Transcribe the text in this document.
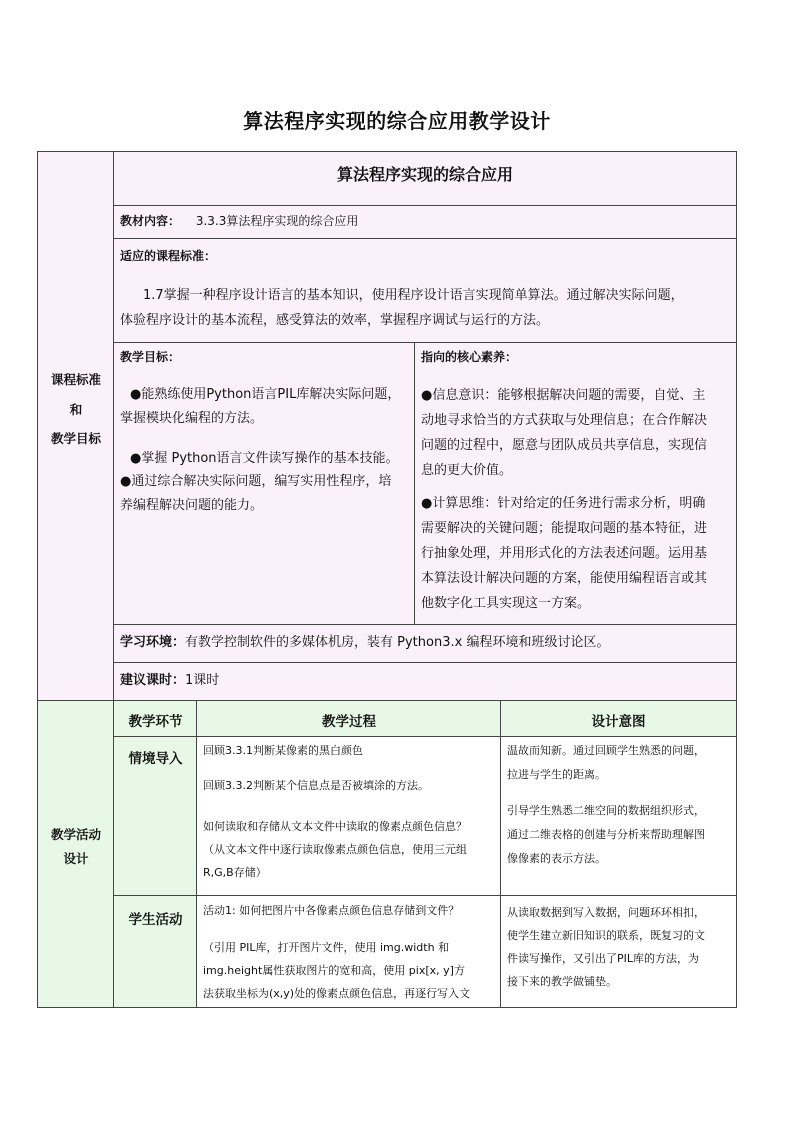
算法程序实现的综合应用教学设计
课程标准
和
教学目标
算法程序实现的综合应用
教材内容： 3.3.3算法程序实现的综合应用
适应的课程标准：
1.7掌握一种程序设计语言的基本知识，使用程序设计语言实现简单算法。通过解决实际问题，
体验程序设计的基本流程，感受算法的效率，掌握程序调试与运行的方法。
教学目标：
●能熟练使用Python语言PIL库解决实际问题，
掌握模块化编程的方法。
●掌握 Python语言文件读写操作的基本技能。
●通过综合解决实际问题，编写实用性程序，培
养编程解决问题的能力。
指向的核心素养：
●信息意识：能够根据解决问题的需要，自觉、主
动地寻求恰当的方式获取与处理信息；在合作解决
问题的过程中，愿意与团队成员共享信息，实现信
息的更大价值。
●计算思维：针对给定的任务进行需求分析，明确
需要解决的关键问题；能提取问题的基本特征，进
行抽象处理，并用形式化的方法表述问题。运用基
本算法设计解决问题的方案，能使用编程语言或其
他数字化工具实现这一方案。
学习环境：有教学控制软件的多媒体机房，装有 Python3.x 编程环境和班级讨论区。
建议课时：1课时
教学活动
设计
教学环节	教学过程	设计意图
情境导入
回顾3.3.1判断某像素的黑白颜色
回顾3.3.2判断某个信息点是否被填涂的方法。
如何读取和存储从文本文件中读取的像素点颜色信息？
（从文本文件中逐行读取像素点颜色信息，使用三元组
R,G,B存储）
温故而知新。通过回顾学生熟悉的问题，
拉进与学生的距离。
引导学生熟悉二维空间的数据组织形式，
通过二维表格的创建与分析来帮助理解图
像像素的表示方法。
学生活动
活动1: 如何把图片中各像素点颜色信息存储到文件？
（引用 PIL库，打开图片文件，使用 img.width 和
img.height属性获取图片的宽和高，使用 pix[x, y]方
法获取坐标为(x,y)处的像素点颜色信息，再逐行写入文
从读取数据到写入数据，问题环环相扣，
使学生建立新旧知识的联系，既复习的文
件读写操作，又引出了PIL库的方法，为
接下来的教学做铺垫。
